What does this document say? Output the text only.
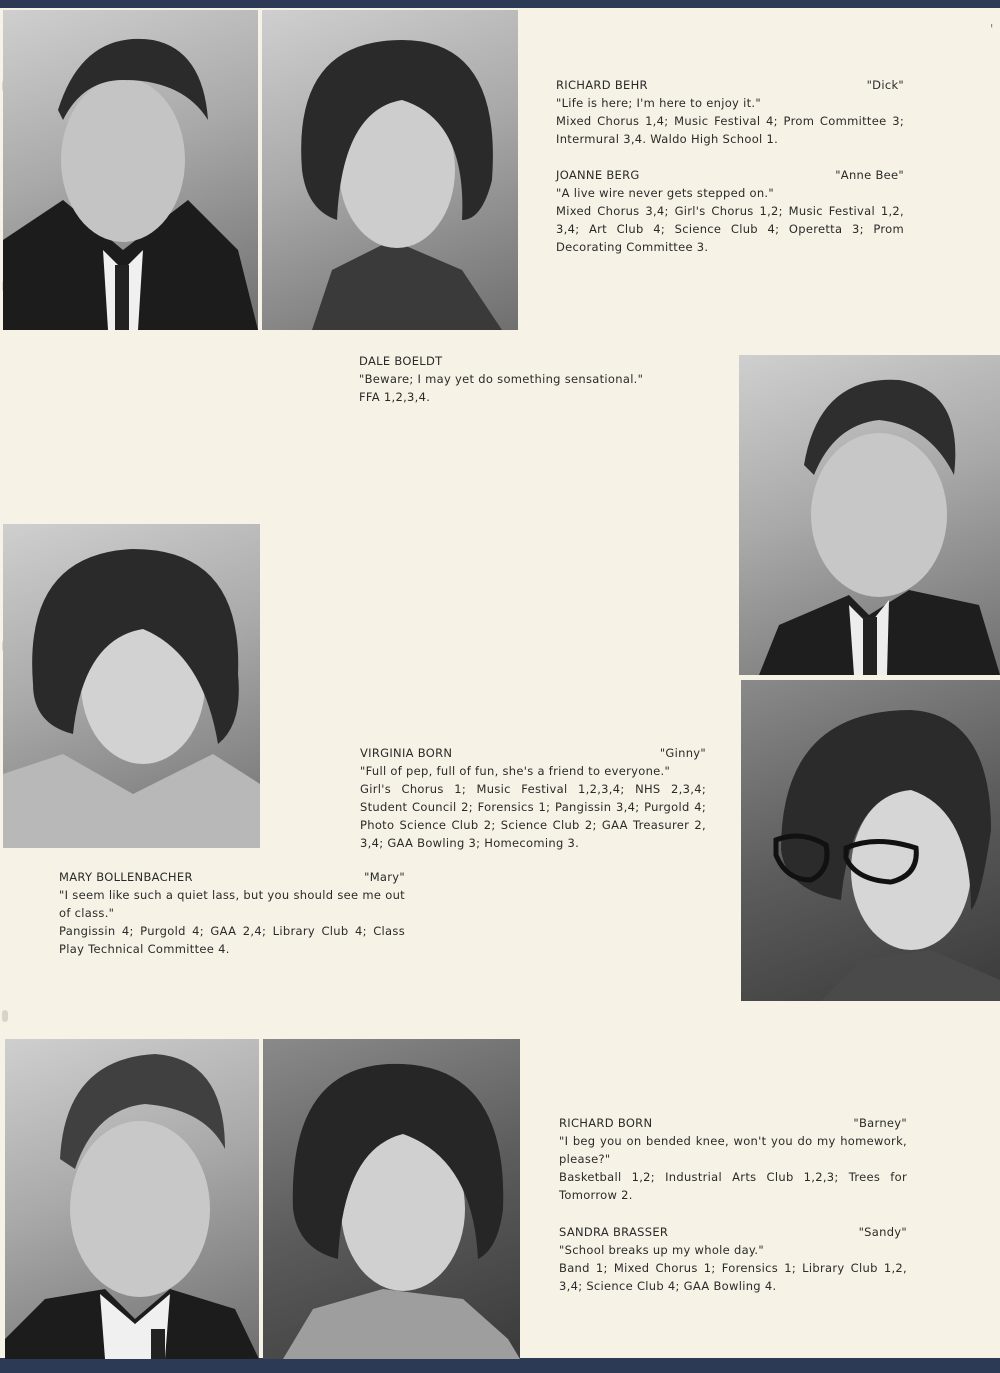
'
RICHARD BEHR	"Dick"

"Life is here; I'm here to enjoy it."

Mixed Chorus 1,4; Music Festival 4; Prom Committee 3; Intermural 3,4. Waldo High School 1.

JOANNE BERG	"Anne Bee"

"A live wire never gets stepped on."

Mixed Chorus 3,4; Girl's Chorus 1,2; Music Festival 1,2, 3,4; Art Club 4; Science Club 4; Operetta 3; Prom Decorating Committee 3.

DALE BOELDT

"Beware; I may yet do something sensational."

FFA 1,2,3,4.

VIRGINIA BORN	"Ginny"

"Full of pep, full of fun, she's a friend to everyone."

Girl's Chorus 1; Music Festival 1,2,3,4; NHS 2,3,4; Student Council 2; Forensics 1; Pangissin 3,4; Purgold 4; Photo Science Club 2; Science Club 2; GAA Treasurer 2, 3,4; GAA Bowling 3; Homecoming 3.

MARY BOLLENBACHER	"Mary"

"I seem like such a quiet lass, but you should see me out of class."

Pangissin 4; Purgold 4; GAA 2,4; Library Club 4; Class Play Technical Committee 4.

RICHARD BORN	"Barney"

"I beg you on bended knee, won't you do my homework, please?"

Basketball 1,2; Industrial Arts Club 1,2,3; Trees for Tomorrow 2.

SANDRA BRASSER	"Sandy"

"School breaks up my whole day."

Band 1; Mixed Chorus 1; Forensics 1; Library Club 1,2, 3,4; Science Club 4; GAA Bowling 4.
